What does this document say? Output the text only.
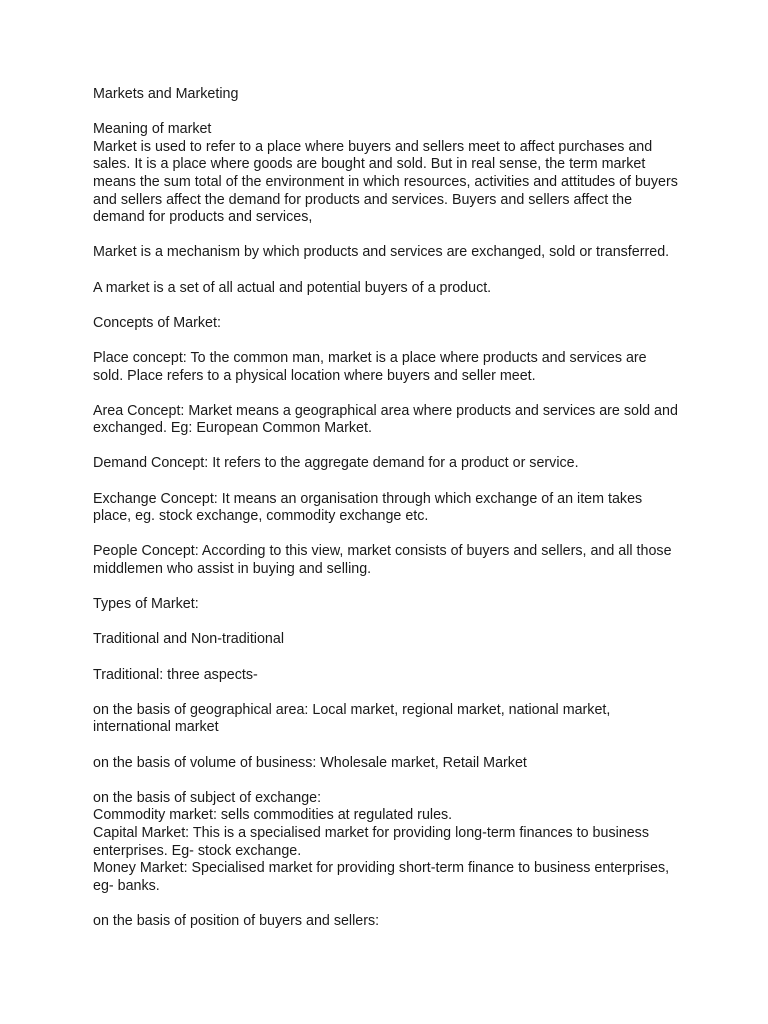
Markets and Marketing
Meaning of market
Market is used to refer to a place where buyers and sellers meet to affect purchases and
sales. It is a place where goods are bought and sold. But in real sense, the term market
means the sum total of the environment in which resources, activities and attitudes of buyers
and sellers affect the demand for products and services. Buyers and sellers affect the
demand for products and services,
Market is a mechanism by which products and services are exchanged, sold or transferred.
A market is a set of all actual and potential buyers of a product.
Concepts of Market:
Place concept: To the common man, market is a place where products and services are
sold. Place refers to a physical location where buyers and seller meet.
Area Concept: Market means a geographical area where products and services are sold and
exchanged. Eg: European Common Market.
Demand Concept: It refers to the aggregate demand for a product or service.
Exchange Concept: It means an organisation through which exchange of an item takes
place, eg. stock exchange, commodity exchange etc.
People Concept: According to this view, market consists of buyers and sellers, and all those
middlemen who assist in buying and selling.
Types of Market:
Traditional and Non-traditional
Traditional: three aspects-
on the basis of geographical area: Local market, regional market, national market,
international market
on the basis of volume of business: Wholesale market, Retail Market
on the basis of subject of exchange:
Commodity market: sells commodities at regulated rules.
Capital Market: This is a specialised market for providing long-term finances to business
enterprises. Eg- stock exchange.
Money Market: Specialised market for providing short-term finance to business enterprises,
eg- banks.
on the basis of position of buyers and sellers:
